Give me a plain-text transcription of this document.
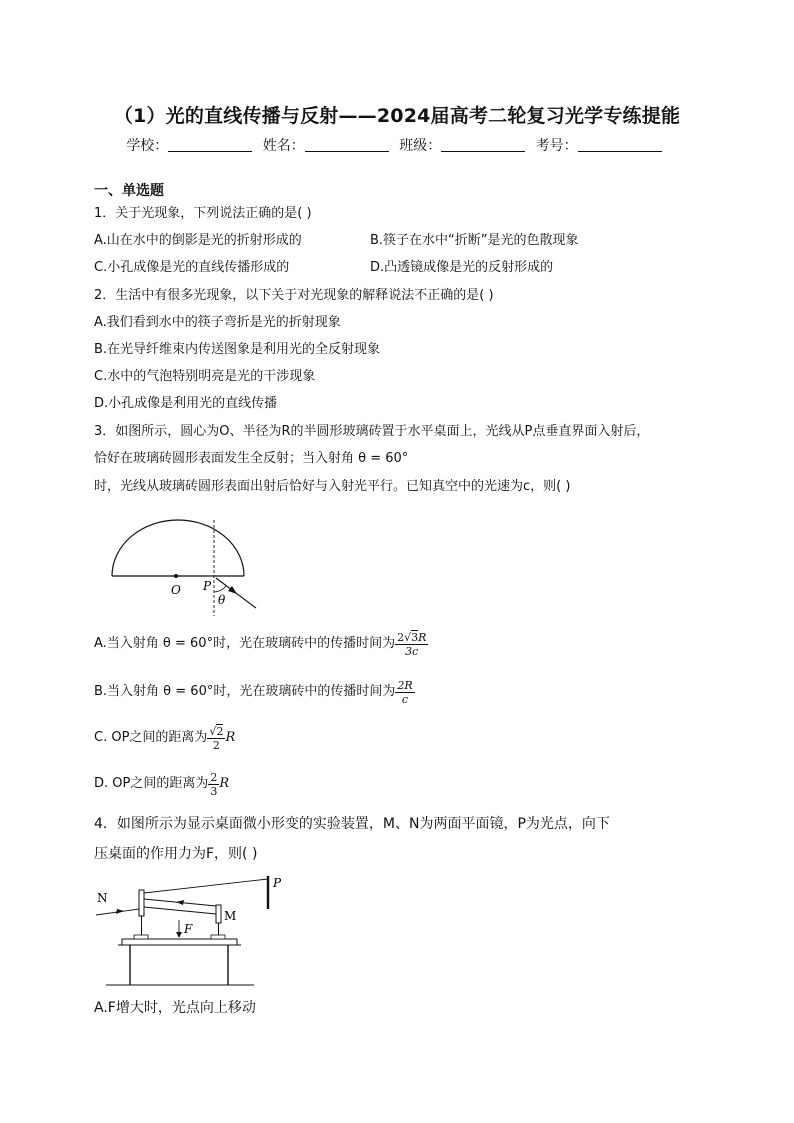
（1）光的直线传播与反射——2024届高考二轮复习光学专练提能
学校：	姓名：	班级：	考号：
一、单选题
1．关于光现象，下列说法正确的是( )
A.山在水中的倒影是光的折射形成的	B.筷子在水中“折断”是光的色散现象
C.小孔成像是光的直线传播形成的	D.凸透镜成像是光的反射形成的
2．生活中有很多光现象，以下关于对光现象的解释说法不正确的是( )
A.我们看到水中的筷子弯折是光的折射现象
B.在光导纤维束内传送图象是利用光的全反射现象
C.水中的气泡特别明亮是光的干涉现象
D.小孔成像是利用光的直线传播
3．如图所示，圆心为O、半径为R的半圆形玻璃砖置于水平桌面上，光线从P点垂直界面入射后，
恰好在玻璃砖圆形表面发生全反射；当入射角 θ = 60°
时，光线从玻璃砖圆形表面出射后恰好与入射光平行。已知真空中的光速为c，则( )
O P
θ
A.当入射角 θ = 60°时，光在玻璃砖中的传播时间为 $\frac{2√3R}{3c}$
B.当入射角 θ = 60°时，光在玻璃砖中的传播时间为 $\frac{2R}{c}$
C. OP之间的距离为 $\frac{√2}{2}$ R
D. OP之间的距离为 $\frac{2}{3}$ R
4．如图所示为显示桌面微小形变的实验装置，M、N为两面平面镜，P为光点，向下
压桌面的作用力为F，则( )
N
M
P
F
A.F增大时，光点向上移动
